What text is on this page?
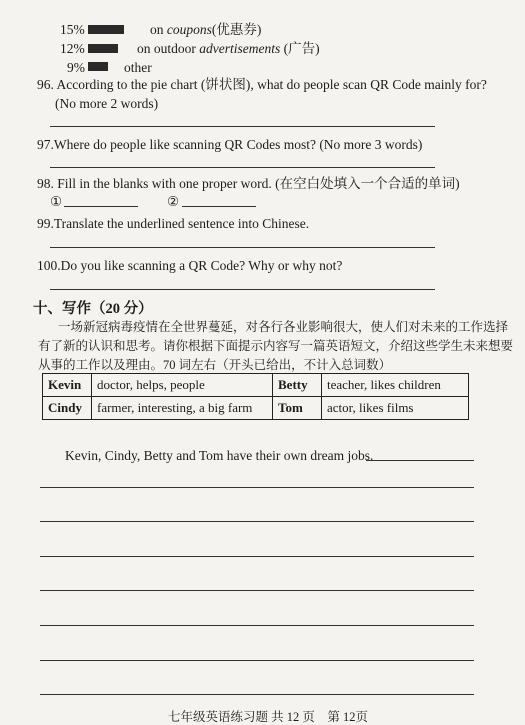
15%	on coupons(优惠券)
12%	on outdoor advertisements (广告)
9%	other
96. According to the pie chart (饼状图), what do people scan QR Code mainly for?
(No more 2 words)
97.Where do people like scanning QR Codes most? (No more 3 words)
98. Fill in the blanks with one proper word. (在空白处填入一个合适的单词)
①	②
99.Translate the underlined sentence into Chinese.
100.Do you like scanning a QR Code? Why or why not?
十、写作（20 分）
一场新冠病毒疫情在全世界蔓延，对各行各业影响很大，使人们对未来的工作选择
有了新的认识和思考。请你根据下面提示内容写一篇英语短文，介绍这些学生未来想要
从事的工作以及理由。70 词左右（开头已给出，不计入总词数）
Kevin	doctor, helps, people	Betty	teacher, likes children
Cindy	farmer, interesting, a big farm	Tom	actor, likes films
Kevin, Cindy, Betty and Tom have their own dream jobs.
七年级英语练习题 共 12 页　第 12页
